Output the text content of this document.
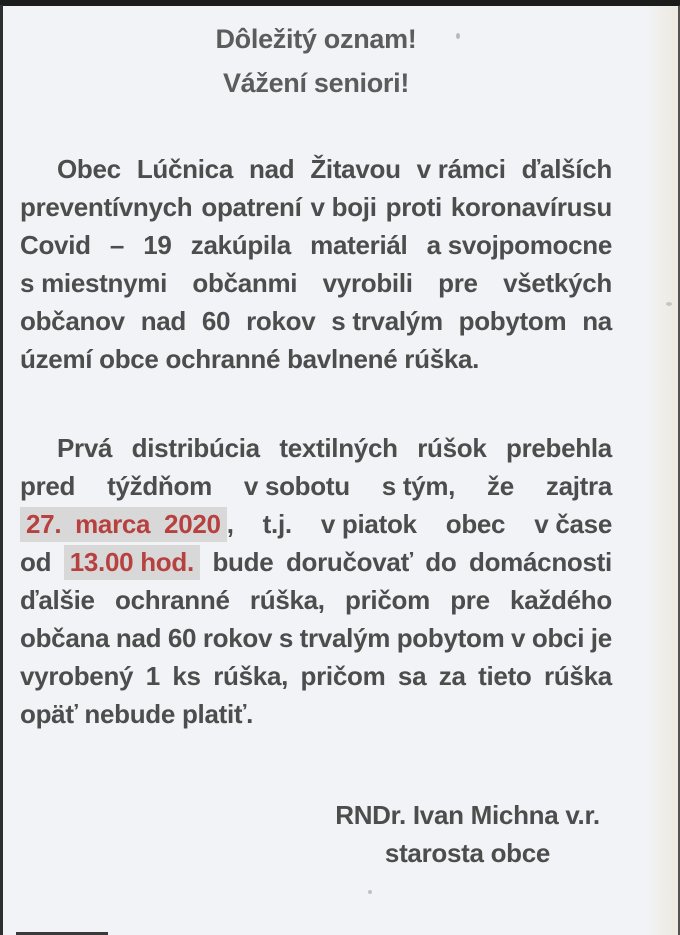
Dôležitý oznam!
Vážení seniori!
Obec Lúčnica nad Žitavou v rámci ďalších
preventívnych opatrení v boji proti koronavírusu
Covid – 19 zakúpila materiál a svojpomocne
s miestnymi občanmi vyrobili pre všetkých
občanov nad 60 rokov s trvalým pobytom na
území obce ochranné bavlnené rúška.
Prvá distribúcia textilných rúšok prebehla
pred týždňom v sobotu s tým, že zajtra
27.  marca  2020 , t.j. v piatok obec v čase
od 13.00 hod. bude doručovať do domácnosti
ďalšie ochranné rúška, pričom pre každého
občana nad 60 rokov s trvalým pobytom v obci je
vyrobený 1 ks rúška, pričom sa za tieto rúška
opäť nebude platiť.
RNDr. Ivan Michna v.r.
starosta obce
